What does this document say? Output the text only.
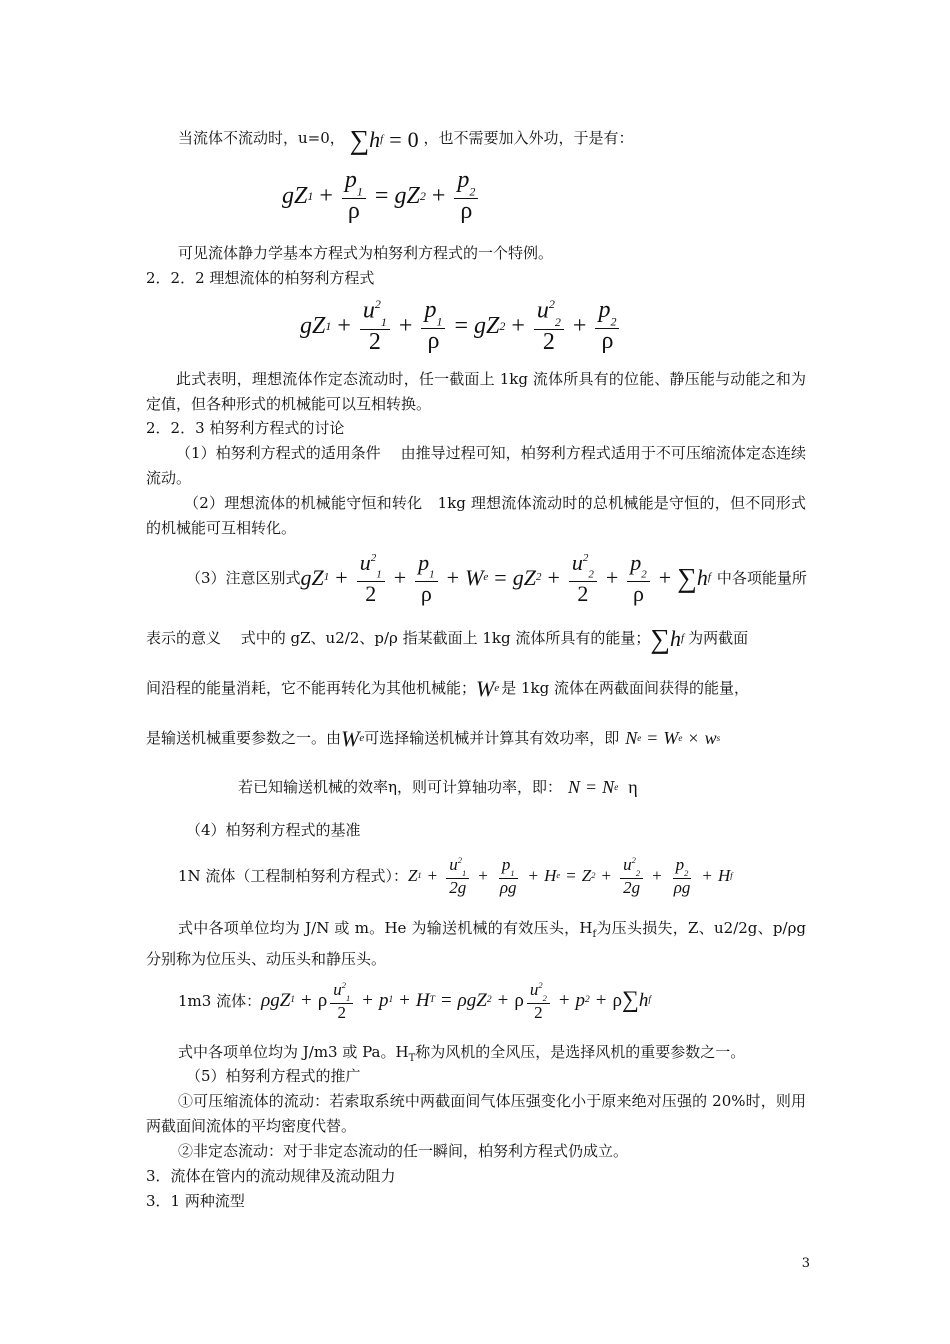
当流体不流动时，u=0， ∑ h f = 0 ，也不需要加入外功，于是有：
gZ $1 + \frac{p_1}{\rho}$ = gZ $2 + \frac{p_2}{\rho}$
可见流体静力学基本方程式为柏努利方程式的一个特例。
2．2．2 理想流体的柏努利方程式
gZ $1 + \frac{u^2_1}{2} + \frac{p_1}{\rho}$ = gZ $2 + \frac{u^2_2}{2} + \frac{p_2}{\rho}$
此式表明，理想流体作定态流动时，任一截面上 1kg 流体所具有的位能、静压能与动能之和为定值，但各种形式的机械能可以互相转换。
2．2．3 柏努利方程式的讨论
（1）柏努利方程式的适用条件　 由推导过程可知，柏努利方程式适用于不可压缩流体定态连续流动。
（2）理想流体的机械能守恒和转化　1kg 理想流体流动时的总机械能是守恒的，但不同形式的机械能可互相转化。
（3）注意区别式 gZ $1 + \frac{u^2_1}{2} + \frac{p_1}{\rho} + W$ e = gZ $2 + \frac{u^2_2}{2} + \frac{p_2}{\rho}$ + ∑ h f 中各项能量所
表示的意义　 式中的 gZ、u2/2、p/ρ 指某截面上 1kg 流体所具有的能量； ∑ h f 为两截面
间沿程的能量消耗，它不能再转化为其他机械能； W e 是 1kg 流体在两截面间获得的能量，
是输送机械重要参数之一。由 W e 可选择输送机械并计算其有效功率，即 N e = W e × w s
若已知输送机械的效率η，则可计算轴功率，即： N = N e η
（4）柏努利方程式的基准
1N 流体（工程制柏努利方程式）： Z $1 + \frac{u^2_1}{2g} + \frac{p_1}{\rho g} + H$ e = Z $2 + \frac{u^2_2}{2g} + \frac{p_2}{\rho g} + H$ f
式中各项单位均为 J/N 或 m。He 为输送机械的有效压头，$H_f$为压头损失，Z、u2/2g、p/ρg 分别称为位压头、动压头和静压头。
1m3 流体： ρgZ 1 + ρ $\frac{u^2_1}{2} + p$ 1 + H T = ρgZ 2 + ρ $\frac{u^2_2}{2} + p$ 2 + ρ ∑ h f
式中各项单位均为 J/m3 或 Pa。$H_T$称为风机的全风压，是选择风机的重要参数之一。
（5）柏努利方程式的推广
①可压缩流体的流动：若索取系统中两截面间气体压强变化小于原来绝对压强的 20%时，则用两截面间流体的平均密度代替。
②非定态流动：对于非定态流动的任一瞬间，柏努利方程式仍成立。
3．流体在管内的流动规律及流动阻力
3．1 两种流型
3
